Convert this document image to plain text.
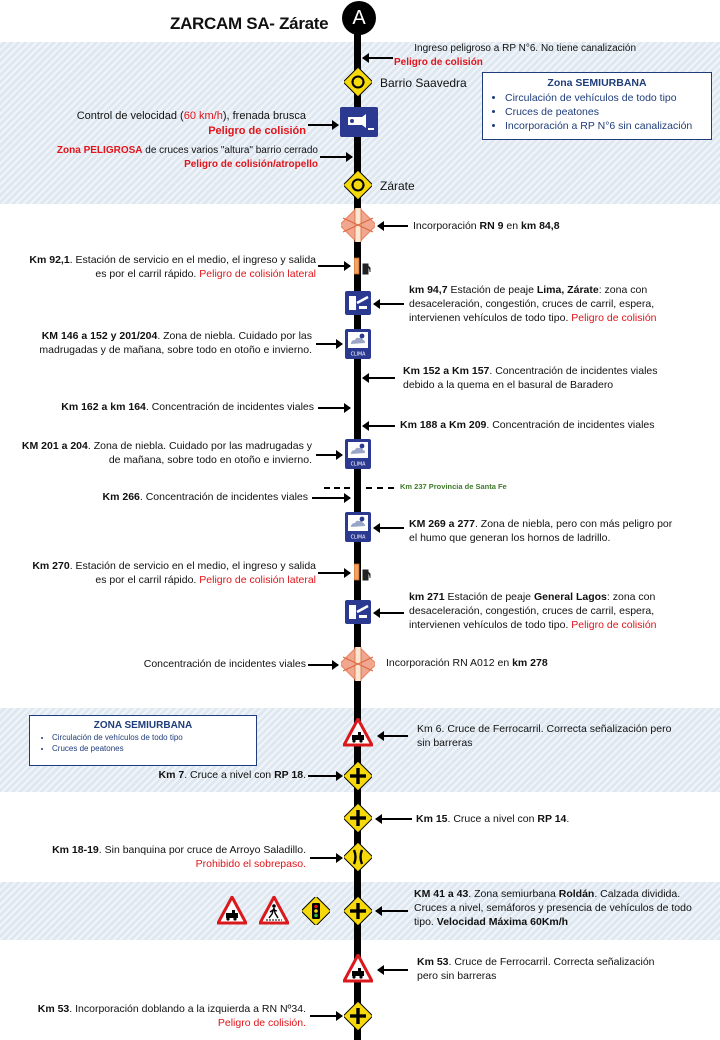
A
ZARCAM SA- Zárate
Zona SEMIURBANA
• Circulación de vehículos de todo tipo
• Cruces de peatones
• Incorporación a RP N°6 sin canalización
ZONA SEMIURBANA
• Circulación de vehículos de todo tipo
• Cruces de peatones
Ingreso peligroso a RP N°6. No tiene canalización
Peligro de colisión
Barrio Saavedra
Control de velocidad (60 km/h), frenada brusca
Peligro de colisión
Zona PELIGROSA de cruces varios "altura" barrio cerrado
Peligro de colisión/atropello
Zárate
Incorporación RN 9 en km 84,8
Km 92,1. Estación de servicio en el medio, el ingreso y salida
es por el carril rápido. Peligro de colisión lateral
km 94,7 Estación de peaje Lima, Zárate: zona con
desaceleración, congestión, cruces de carril, espera,
intervienen vehículos de todo tipo. Peligro de colisión
KM 146 a 152 y 201/204. Zona de niebla. Cuidado por las
madrugadas y de mañana, sobre todo en otoño e invierno.
Km 152 a Km 157. Concentración de incidentes viales
debido a la quema en el basural de Baradero
Km 162 a km 164. Concentración de incidentes viales
Km 188 a Km 209. Concentración de incidentes viales
KM 201 a 204. Zona de niebla. Cuidado por las madrugadas y
de mañana, sobre todo en otoño e invierno.
Km 266. Concentración de incidentes viales
Km 237 Provincia de Santa Fe
KM 269 a 277. Zona de niebla, pero con más peligro por
el humo que generan los hornos de ladrillo.
Km 270. Estación de servicio en el medio, el ingreso y salida
es por el carril rápido. Peligro de colisión lateral
km 271 Estación de peaje General Lagos: zona con
desaceleración, congestión, cruces de carril, espera,
intervienen vehículos de todo tipo. Peligro de colisión
Concentración de incidentes viales	Incorporación RN A012 en km 278
Km 6. Cruce de Ferrocarril. Correcta señalización pero
sin barreras
Km 7. Cruce a nivel con RP 18.
Km 15. Cruce a nivel con RP 14.
Km 18-19. Sin banquina por cruce de Arroyo Saladillo.
Prohibido el sobrepaso.
KM 41 a 43. Zona semiurbana Roldán. Calzada dividida.
Cruces a nivel, semáforos y presencia de vehículos de todo
tipo. Velocidad Máxima 60Km/h
Km 53. Cruce de Ferrocarril. Correcta señalización
pero sin barreras
Km 53. Incorporación doblando a la izquierda a RN Nº34.
Peligro de colisión.
